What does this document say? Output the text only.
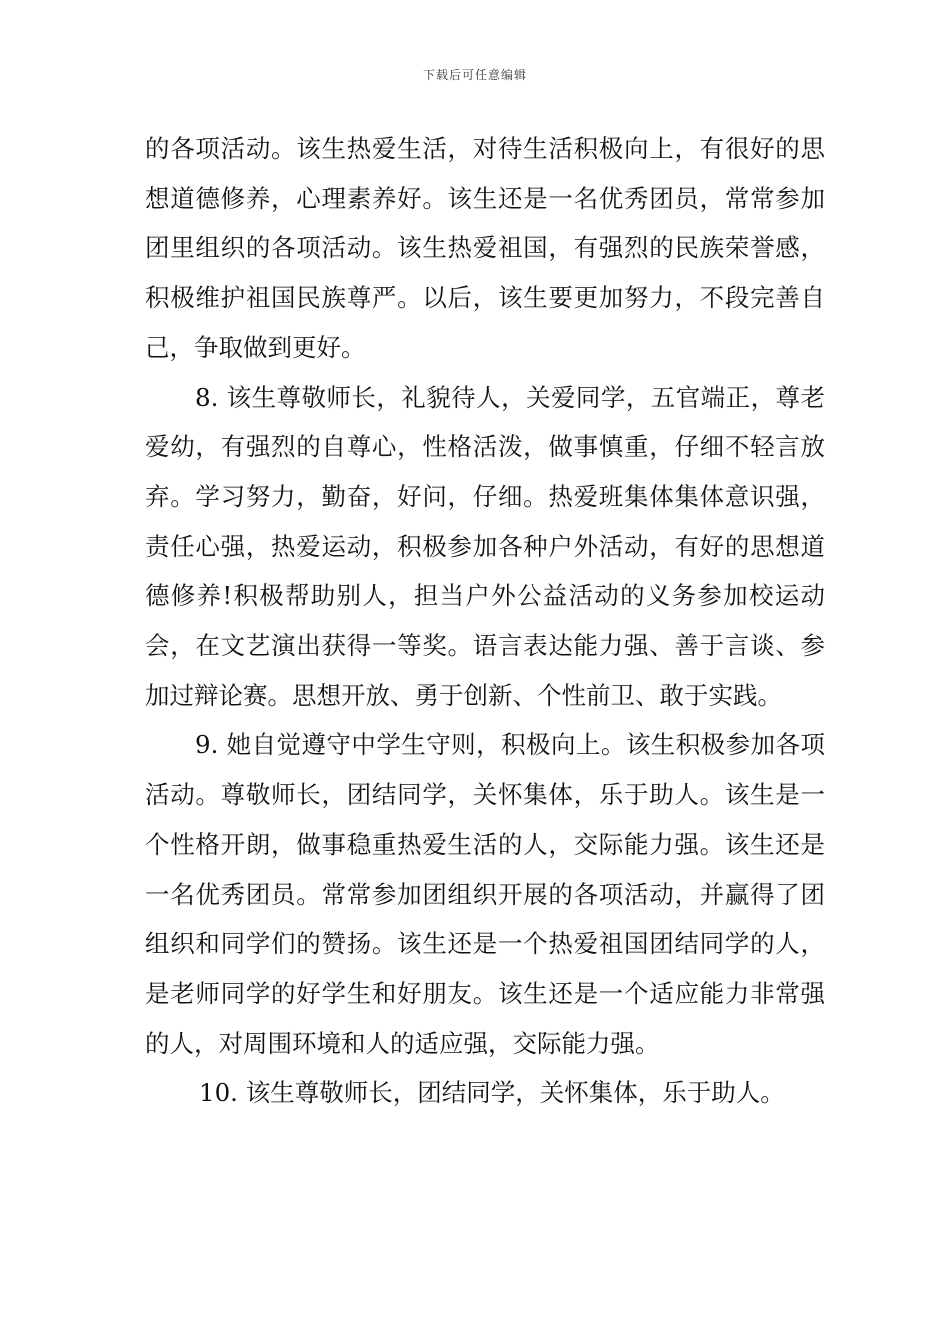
下载后可任意编辑

的各项活动。该生热爱生活，对待生活积极向上，有很好的思想道德修养，心理素养好。该生还是一名优秀团员，常常参加团里组织的各项活动。该生热爱祖国，有强烈的民族荣誉感，积极维护祖国民族尊严。以后，该生要更加努力，不段完善自己，争取做到更好。

8. 该生尊敬师长，礼貌待人，关爱同学，五官端正，尊老爱幼，有强烈的自尊心，性格活泼，做事慎重，仔细不轻言放弃。学习努力，勤奋，好问，仔细。热爱班集体集体意识强，责任心强，热爱运动，积极参加各种户外活动，有好的思想道德修养!积极帮助别人，担当户外公益活动的义务参加校运动会，在文艺演出获得一等奖。语言表达能力强、善于言谈、参加过辩论赛。思想开放、勇于创新、个性前卫、敢于实践。

9. 她自觉遵守中学生守则，积极向上。该生积极参加各项活动。尊敬师长，团结同学，关怀集体，乐于助人。该生是一个性格开朗，做事稳重热爱生活的人，交际能力强。该生还是一名优秀团员。常常参加团组织开展的各项活动，并赢得了团组织和同学们的赞扬。该生还是一个热爱祖国团结同学的人，是老师同学的好学生和好朋友。该生还是一个适应能力非常强的人，对周围环境和人的适应强，交际能力强。

10. 该生尊敬师长，团结同学，关怀集体，乐于助人。
